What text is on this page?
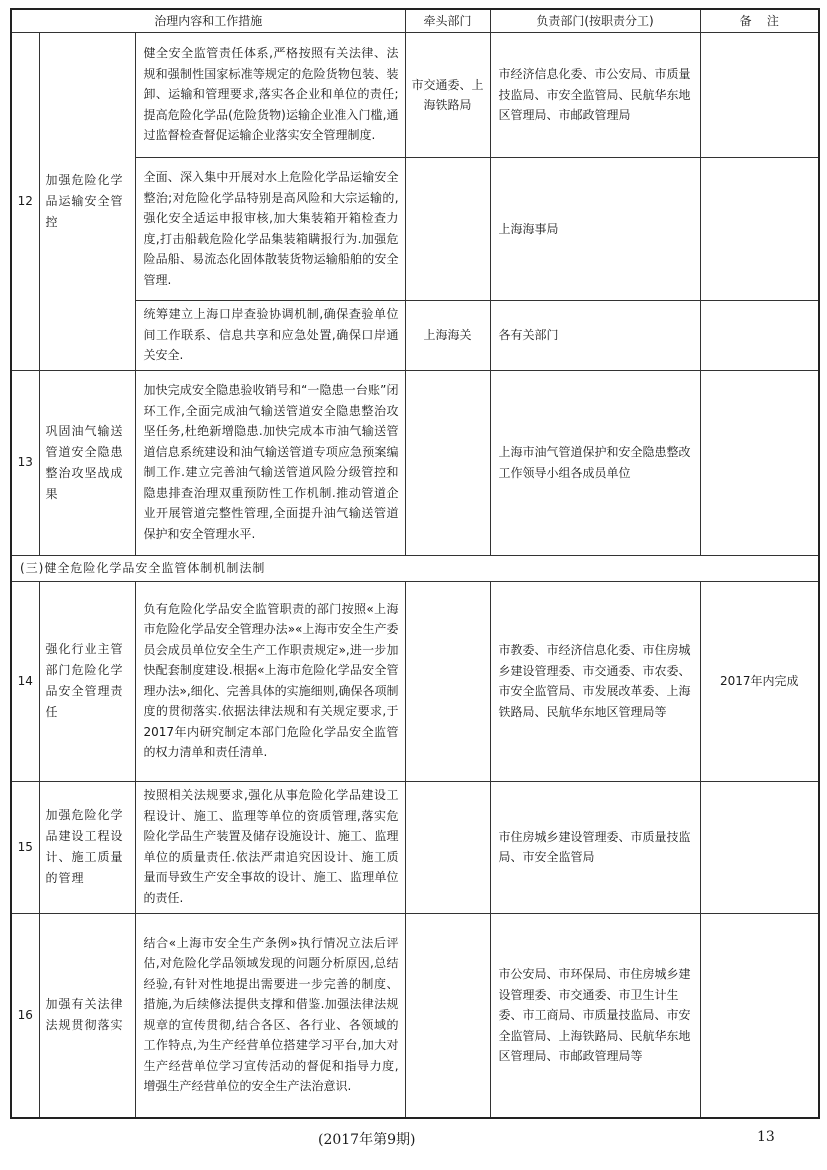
治理内容和工作措施			牵头部门	负责部门(按职责分工)	备    注
12	加强危险化学品运输安全管控	健全安全监管责任体系,严格按照有关法律、法规和强制性国家标准等规定的危险货物包装、装卸、运输和管理要求,落实各企业和单位的责任;提高危险化学品(危险货物)运输企业准入门槛,通过监督检查督促运输企业落实安全管理制度.	市交通委、上海铁路局	市经济信息化委、市公安局、市质量技监局、市安全监管局、民航华东地区管理局、市邮政管理局	
		全面、深入集中开展对水上危险化学品运输安全整治;对危险化学品特别是高风险和大宗运输的,强化安全适运申报审核,加大集装箱开箱检查力度,打击船载危险化学品集装箱瞒报行为.加强危险品船、易流态化固体散装货物运输船舶的安全管理.		上海海事局	
		统筹建立上海口岸查验协调机制,确保查验单位间工作联系、信息共享和应急处置,确保口岸通关安全.	上海海关	各有关部门	
13	巩固油气输送管道安全隐患整治攻坚战成果	加快完成安全隐患验收销号和“一隐患一台账”闭环工作,全面完成油气输送管道安全隐患整治攻坚任务,杜绝新增隐患.加快完成本市油气输送管道信息系统建设和油气输送管道专项应急预案编制工作.建立完善油气输送管道风险分级管控和隐患排查治理双重预防性工作机制.推动管道企业开展管道完整性管理,全面提升油气输送管道保护和安全管理水平.		上海市油气管道保护和安全隐患整改工作领导小组各成员单位	
(三)健全危险化学品安全监管体制机制法制					
14	强化行业主管部门危险化学品安全管理责任	负有危险化学品安全监管职责的部门按照«上海市危险化学品安全管理办法»«上海市安全生产委员会成员单位安全生产工作职责规定»,进一步加快配套制度建设.根据«上海市危险化学品安全管理办法»,细化、完善具体的实施细则,确保各项制度的贯彻落实.依据法律法规和有关规定要求,于2017年内研究制定本部门危险化学品安全监管的权力清单和责任清单.		市教委、市经济信息化委、市住房城乡建设管理委、市交通委、市农委、市安全监管局、市发展改革委、上海铁路局、民航华东地区管理局等	2017年内完成
15	加强危险化学品建设工程设计、施工质量的管理	按照相关法规要求,强化从事危险化学品建设工程设计、施工、监理等单位的资质管理,落实危险化学品生产装置及储存设施设计、施工、监理单位的质量责任.依法严肃追究因设计、施工质量而导致生产安全事故的设计、施工、监理单位的责任.		市住房城乡建设管理委、市质量技监局、市安全监管局	
16	加强有关法律法规贯彻落实	结合«上海市安全生产条例»执行情况立法后评估,对危险化学品领域发现的问题分析原因,总结经验,有针对性地提出需要进一步完善的制度、措施,为后续修法提供支撑和借鉴.加强法律法规规章的宣传贯彻,结合各区、各行业、各领域的工作特点,为生产经营单位搭建学习平台,加大对生产经营单位学习宣传活动的督促和指导力度,增强生产经营单位的安全生产法治意识.		市公安局、市环保局、市住房城乡建设管理委、市交通委、市卫生计生委、市工商局、市质量技监局、市安全监管局、上海铁路局、民航华东地区管理局、市邮政管理局等	
(2017年第9期)	13
